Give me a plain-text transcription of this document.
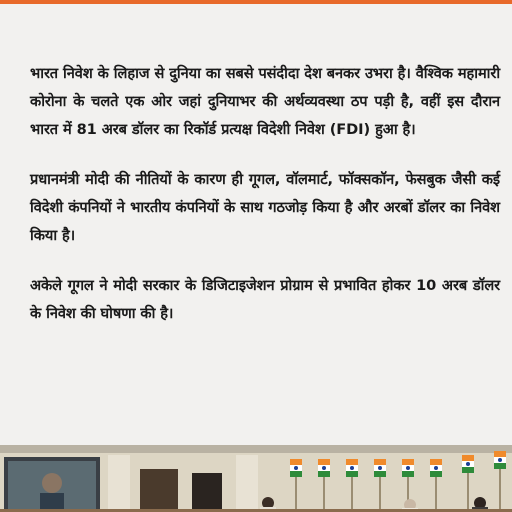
भारत निवेश के लिहाज से दुनिया का सबसे पसंदीदा देश बनकर उभरा है। वैश्विक महामारी कोरोना के चलते एक ओर जहां दुनियाभर की अर्थव्यवस्था ठप पड़ी है, वहीं इस दौरान भारत में 81 अरब डॉलर का रिकॉर्ड प्रत्यक्ष विदेशी निवेश (FDI) हुआ है।

प्रधानमंत्री मोदी की नीतियों के कारण ही गूगल, वॉलमार्ट, फॉक्सकॉन, फेसबुक जैसी कई विदेशी कंपनियों ने भारतीय कंपनियों के साथ गठजोड़ किया है और अरबों डॉलर का निवेश किया है।

अकेले गूगल ने मोदी सरकार के डिजिटाइजेशन प्रोग्राम से प्रभावित होकर 10 अरब डॉलर के निवेश की घोषणा की है।
